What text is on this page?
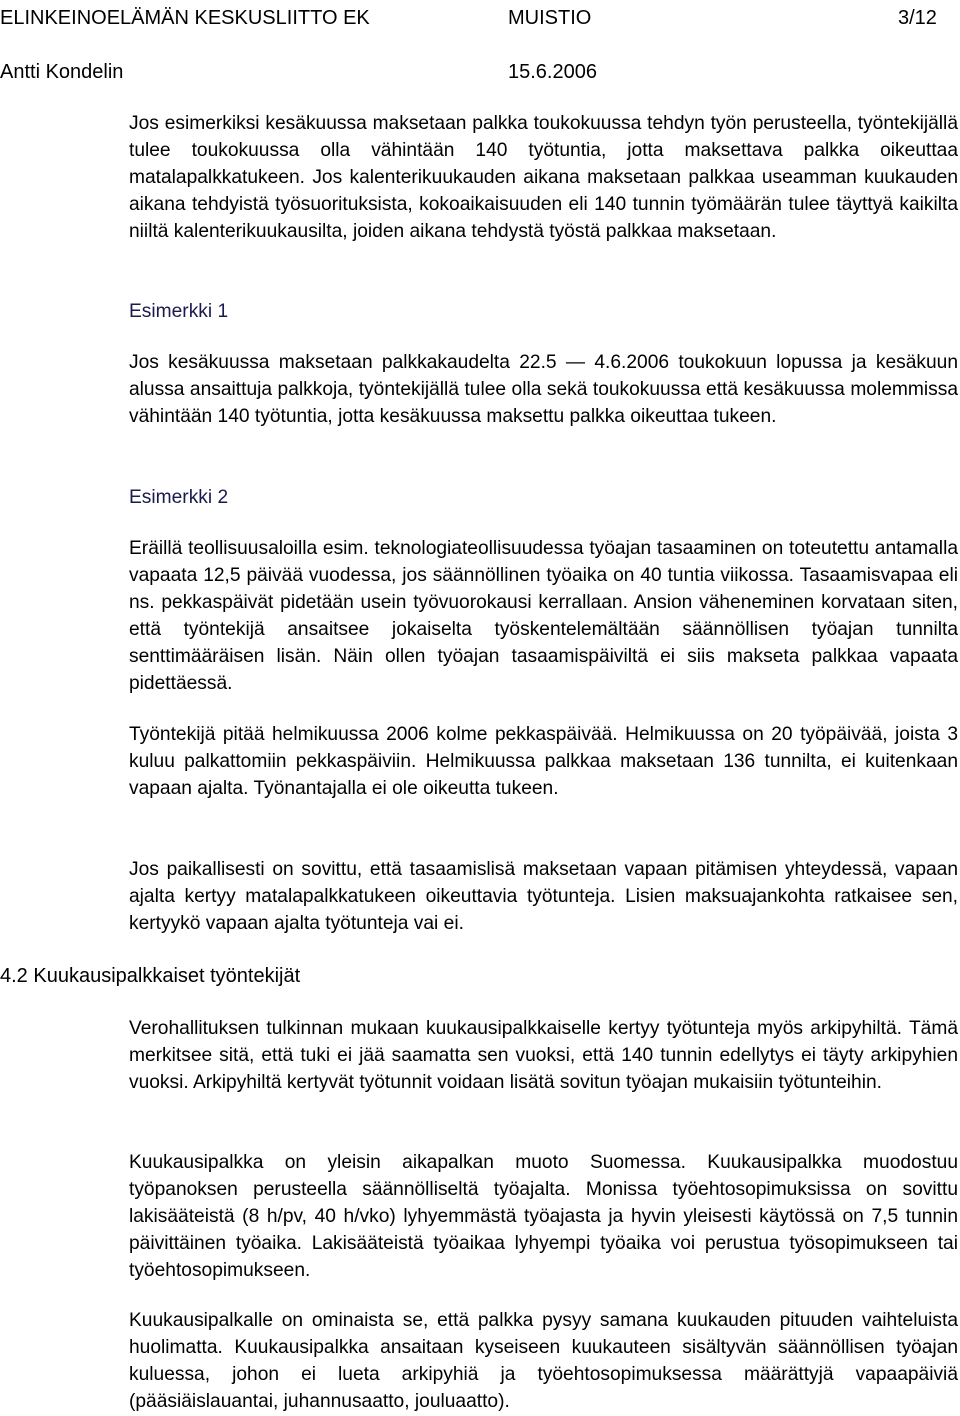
ELINKEINOELÄMÄN KESKUSLIITTO EK	MUISTIO	3/12
Antti Kondelin	15.6.2006

Jos esimerkiksi kesäkuussa maksetaan palkka toukokuussa tehdyn työn perusteella, työntekijällä tulee toukokuussa olla vähintään 140 työtuntia, jotta maksettava palkka oikeuttaa matalapalkkatukeen. Jos kalenterikuukauden aikana maksetaan palkkaa useamman kuukauden aikana tehdyistä työsuorituksista, kokoaikaisuuden eli 140 tunnin työmäärän tulee täyttyä kaikilta niiltä kalenterikuukausilta, joiden aikana tehdystä työstä palkkaa maksetaan.

Esimerkki 1

Jos kesäkuussa maksetaan palkkakaudelta 22.5 — 4.6.2006 toukokuun lopussa ja kesäkuun alussa ansaittuja palkkoja, työntekijällä tulee olla sekä toukokuussa että kesäkuussa molemmissa vähintään 140 työtuntia, jotta kesäkuussa maksettu palkka oikeuttaa tukeen.

Esimerkki 2

Eräillä teollisuusaloilla esim. teknologiateollisuudessa työajan tasaaminen on toteutettu antamalla vapaata 12,5 päivää vuodessa, jos säännöllinen työaika on 40 tuntia viikossa. Tasaamisvapaa eli ns. pekkaspäivät pidetään usein työvuorokausi kerrallaan. Ansion väheneminen korvataan siten, että työntekijä ansaitsee jokaiselta työskentelemältään säännöllisen työajan tunnilta senttimääräisen lisän. Näin ollen työajan tasaamispäiviltä ei siis makseta palkkaa vapaata pidettäessä.

Työntekijä pitää helmikuussa 2006 kolme pekkaspäivää. Helmikuussa on 20 työpäivää, joista 3 kuluu palkattomiin pekkaspäiviin. Helmikuussa palkkaa maksetaan 136 tunnilta, ei kuitenkaan vapaan ajalta. Työnantajalla ei ole oikeutta tukeen.

Jos paikallisesti on sovittu, että tasaamislisä maksetaan vapaan pitämisen yhteydessä, vapaan ajalta kertyy matalapalkkatukeen oikeuttavia työtunteja. Lisien maksuajankohta ratkaisee sen, kertyykö vapaan ajalta työtunteja vai ei.

4.2 Kuukausipalkkaiset työntekijät

Verohallituksen tulkinnan mukaan kuukausipalkkaiselle kertyy työtunteja myös arkipyhiltä. Tämä merkitsee sitä, että tuki ei jää saamatta sen vuoksi, että 140 tunnin edellytys ei täyty arkipyhien vuoksi. Arkipyhiltä kertyvät työtunnit voidaan lisätä sovitun työajan mukaisiin työtunteihin.

Kuukausipalkka on yleisin aikapalkan muoto Suomessa. Kuukausipalkka muodostuu työpanoksen perusteella säännölliseltä työajalta. Monissa työehtosopimuksissa on sovittu lakisääteistä (8 h/pv, 40 h/vko) lyhyemmästä työajasta ja hyvin yleisesti käytössä on 7,5 tunnin päivittäinen työaika. Lakisääteistä työaikaa lyhyempi työaika voi perustua työsopimukseen tai työehtosopimukseen.

Kuukausipalkalle on ominaista se, että palkka pysyy samana kuukauden pituuden vaihteluista huolimatta. Kuukausipalkka ansaitaan kyseiseen kuukauteen sisältyvän säännöllisen työajan kuluessa, johon ei lueta arkipyhiä ja työehtosopimuksessa määrättyjä vapaapäiviä (pääsiäislauantai, juhannusaatto, jouluaatto).
